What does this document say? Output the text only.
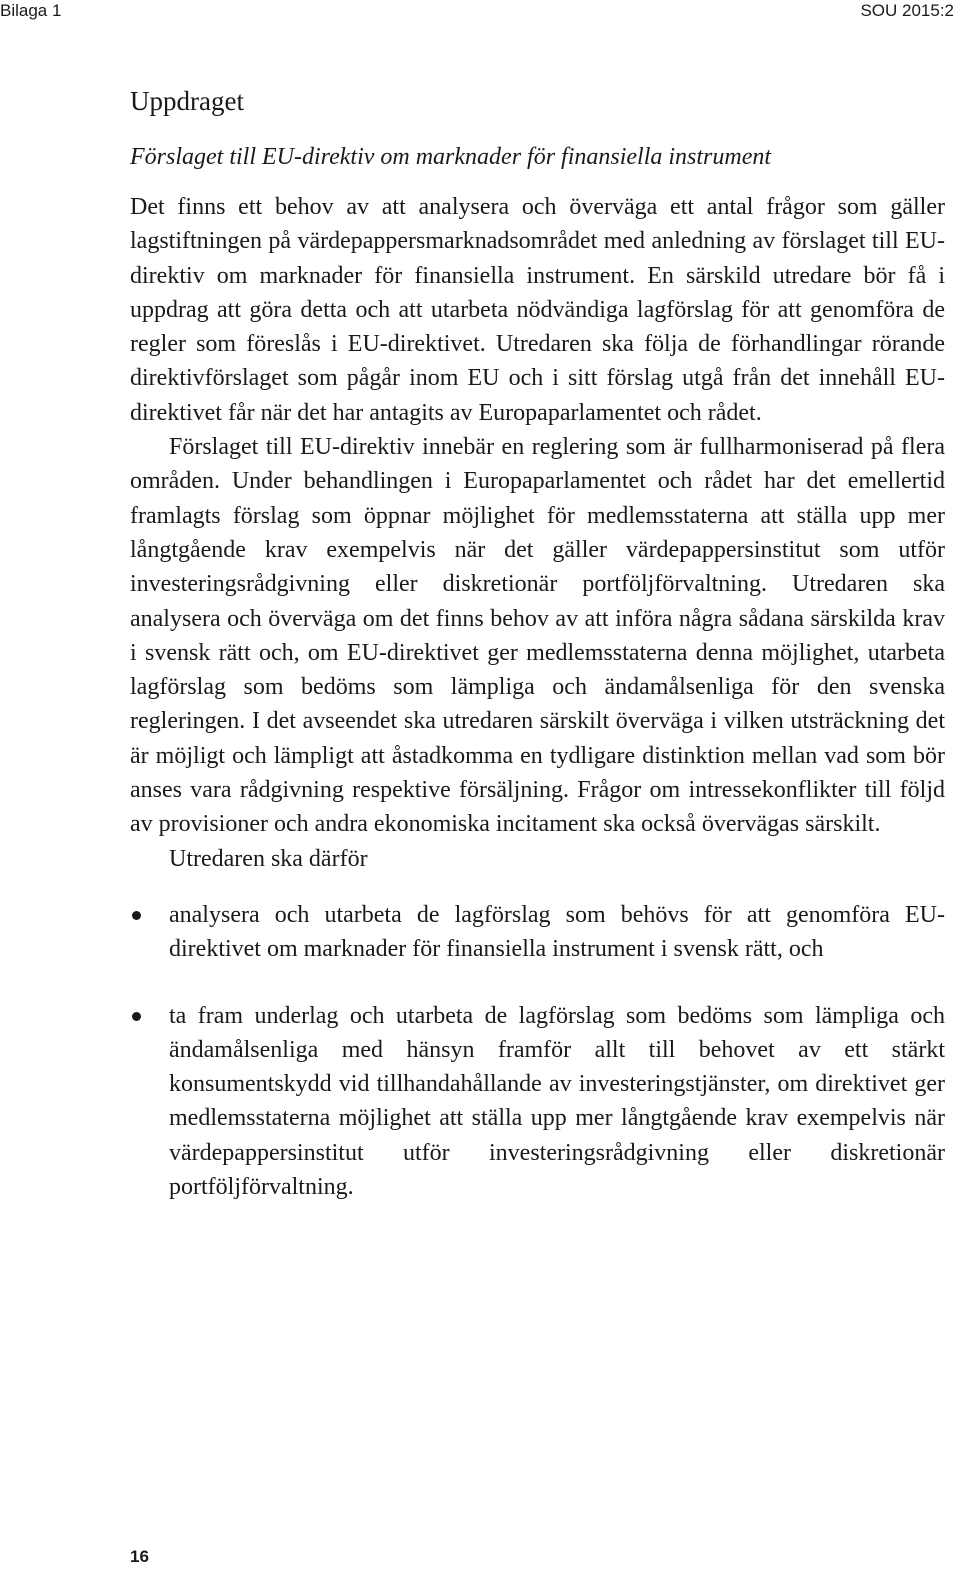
Bilaga 1	SOU 2015:2
Uppdraget
Förslaget till EU-direktiv om marknader för finansiella instrument

Det finns ett behov av att analysera och överväga ett antal frågor som gäller lagstiftningen på värdepappersmarknadsområdet med anledning av förslaget till EU-direktiv om marknader för finansiella instrument. En särskild utredare bör få i uppdrag att göra detta och att utarbeta nödvändiga lagförslag för att genomföra de regler som föreslås i EU-direktivet. Utredaren ska följa de förhandlingar rörande direktivförslaget som pågår inom EU och i sitt förslag utgå från det innehåll EU-direktivet får när det har antagits av Europaparlamentet och rådet.

Förslaget till EU-direktiv innebär en reglering som är fullharmoniserad på flera områden. Under behandlingen i Europaparlamentet och rådet har det emellertid framlagts förslag som öppnar möjlighet för medlemsstaterna att ställa upp mer långtgående krav exempelvis när det gäller värdepappersinstitut som utför investeringsrådgivning eller diskretionär portföljförvaltning. Utredaren ska analysera och överväga om det finns behov av att införa några sådana särskilda krav i svensk rätt och, om EU-direktivet ger medlemsstaterna denna möjlighet, utarbeta lagförslag som bedöms som lämpliga och ändamålsenliga för den svenska regleringen. I det avseendet ska utredaren särskilt överväga i vilken utsträckning det är möjligt och lämpligt att åstadkomma en tydligare distinktion mellan vad som bör anses vara rådgivning respektive försäljning. Frågor om intressekonflikter till följd av provisioner och andra ekonomiska incitament ska också övervägas särskilt.

Utredaren ska därför

analysera och utarbeta de lagförslag som behövs för att genomföra EU-direktivet om marknader för finansiella instrument i svensk rätt, och
ta fram underlag och utarbeta de lagförslag som bedöms som lämpliga och ändamålsenliga med hänsyn framför allt till behovet av ett stärkt konsumentskydd vid tillhandahållande av investeringstjänster, om direktivet ger medlemsstaterna möjlighet att ställa upp mer långtgående krav exempelvis när värdepappersinstitut utför investeringsrådgivning eller diskretionär portföljförvaltning.
16
